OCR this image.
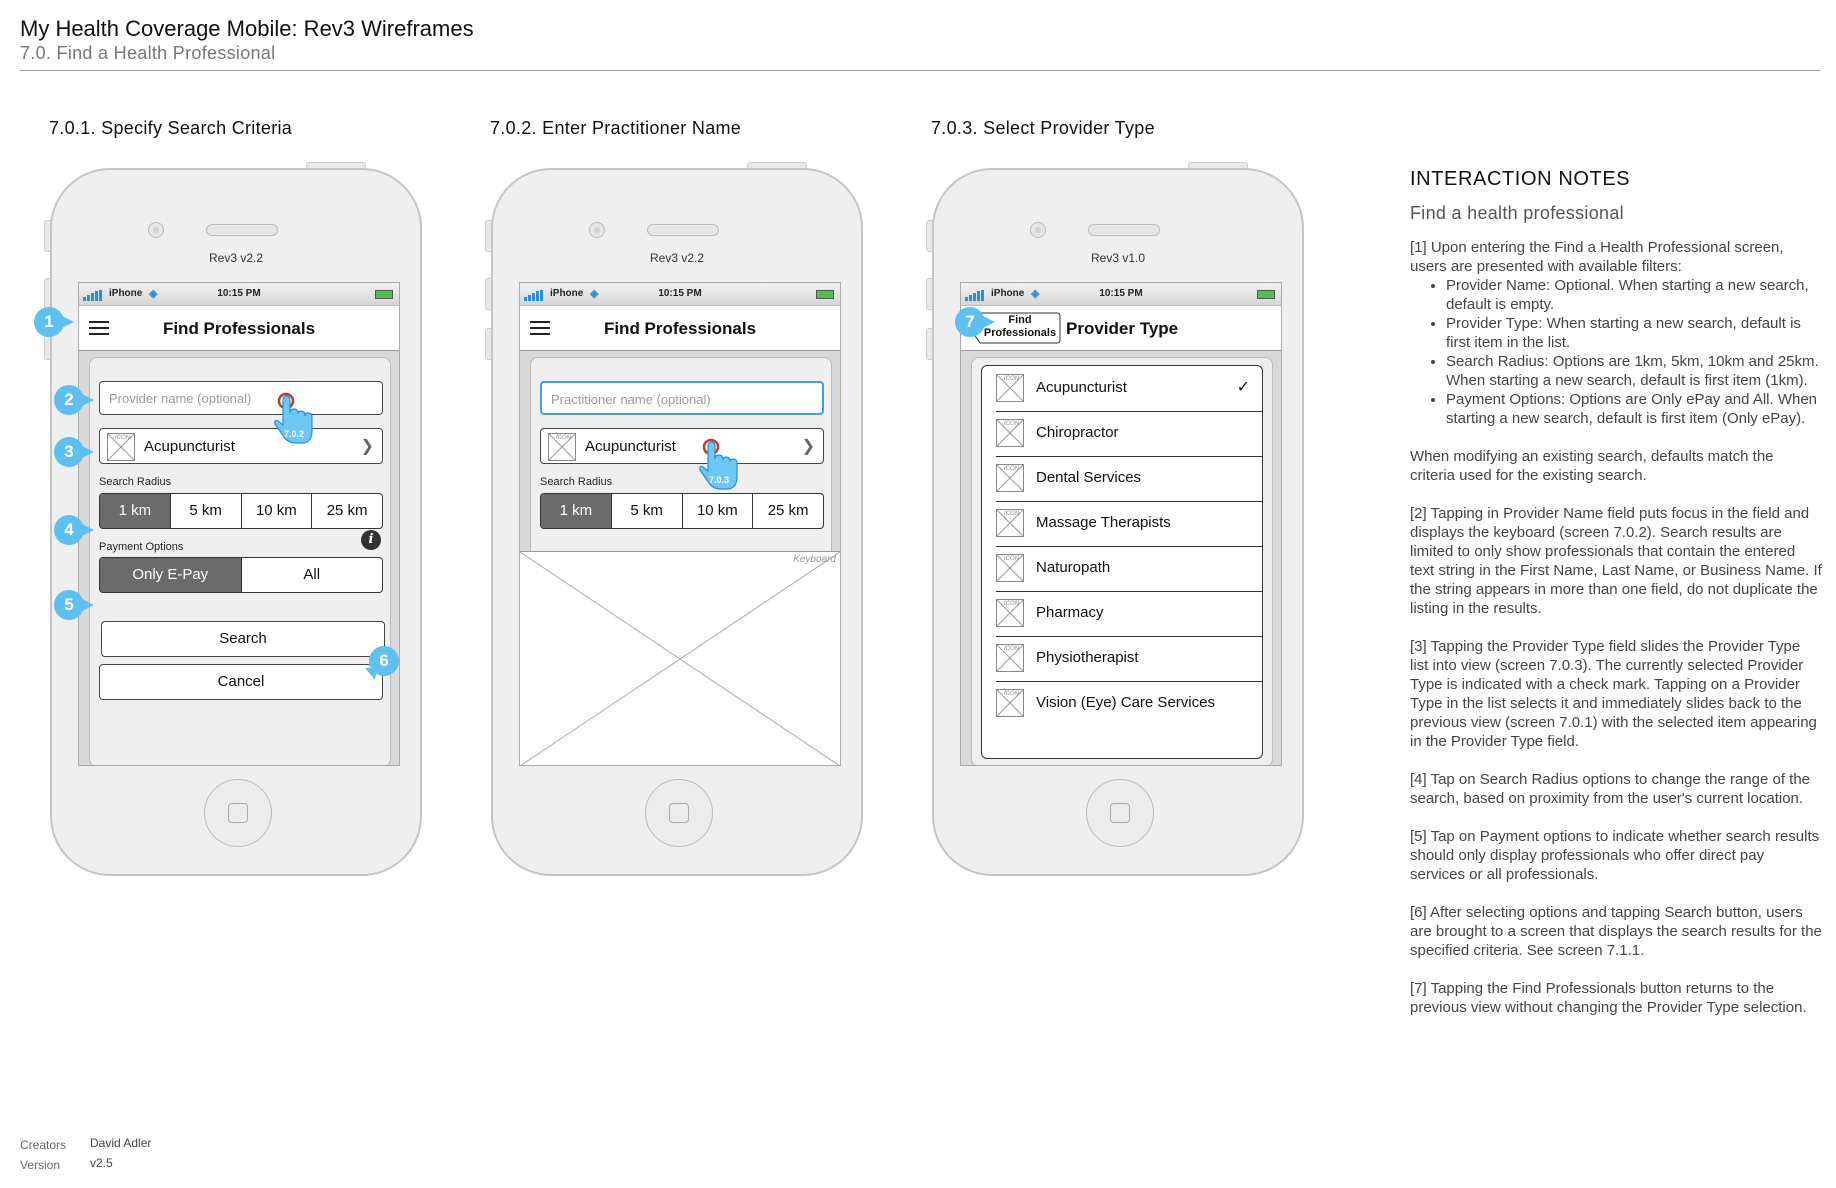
My Health Coverage Mobile: Rev3 Wireframes
7.0. Find a Health Professional
7.0.1. Specify Search Criteria	7.0.2. Enter Practitioner Name	7.0.3. Select Provider Type
Rev3 v2.2
iPhone ◈	10:15 PM
Find Professionals
Provider name (optional)
ICON Acupuncturist	❯
Search Radius
1 km	5 km	10 km	25 km
Payment Options	i
Only E-Pay	All
Search
Cancel
7.0.2
Rev3 v2.2
iPhone ◈	10:15 PM
Find Professionals
Practitioner name (optional)
ICON Acupuncturist	❯
Search Radius
1 km	5 km	10 km	25 km
Keyboard
7.0.3
Rev3 v1.0
iPhone ◈	10:15 PM
Find Professionals Provider Type
ICON Acupuncturist	✓
ICON Chiropractor
ICON Dental Services
ICON Massage Therapists
ICON Naturopath
ICON Pharmacy
ICON Physiotherapist
ICON Vision (Eye) Care Services
1
2
3
4
5
6
7
INTERACTION NOTES
Find a health professional

[1] Upon entering the Find a Health Professional screen, users are presented with available filters:

• Provider Name: Optional. When starting a new search, default is empty.
• Provider Type: When starting a new search, default is first item in the list.
• Search Radius: Options are 1km, 5km, 10km and 25km. When starting a new search, default is first item (1km).
• Payment Options: Options are Only ePay and All. When starting a new search, default is first item (Only ePay).

When modifying an existing search, defaults match the criteria used for the existing search.

[2] Tapping in Provider Name field puts focus in the field and displays the keyboard (screen 7.0.2). Search results are limited to only show professionals that contain the entered text string in the First Name, Last Name, or Business Name. If the string appears in more than one field, do not duplicate the listing in the results.

[3] Tapping the Provider Type field slides the Provider Type list into view (screen 7.0.3). The currently selected Provider Type is indicated with a check mark. Tapping on a Provider Type in the list selects it and immediately slides back to the previous view (screen 7.0.1) with the selected item appearing in the Provider Type field.

[4] Tap on Search Radius options to change the range of the search, based on proximity from the user's current location.

[5] Tap on Payment options to indicate whether search results should only display professionals who offer direct pay services or all professionals.

[6] After selecting options and tapping Search button, users are brought to a screen that displays the search results for the specified criteria. See screen 7.1.1.

[7] Tapping the Find Professionals button returns to the previous view without changing the Provider Type selection.

Creators David Adler
Version v2.5
